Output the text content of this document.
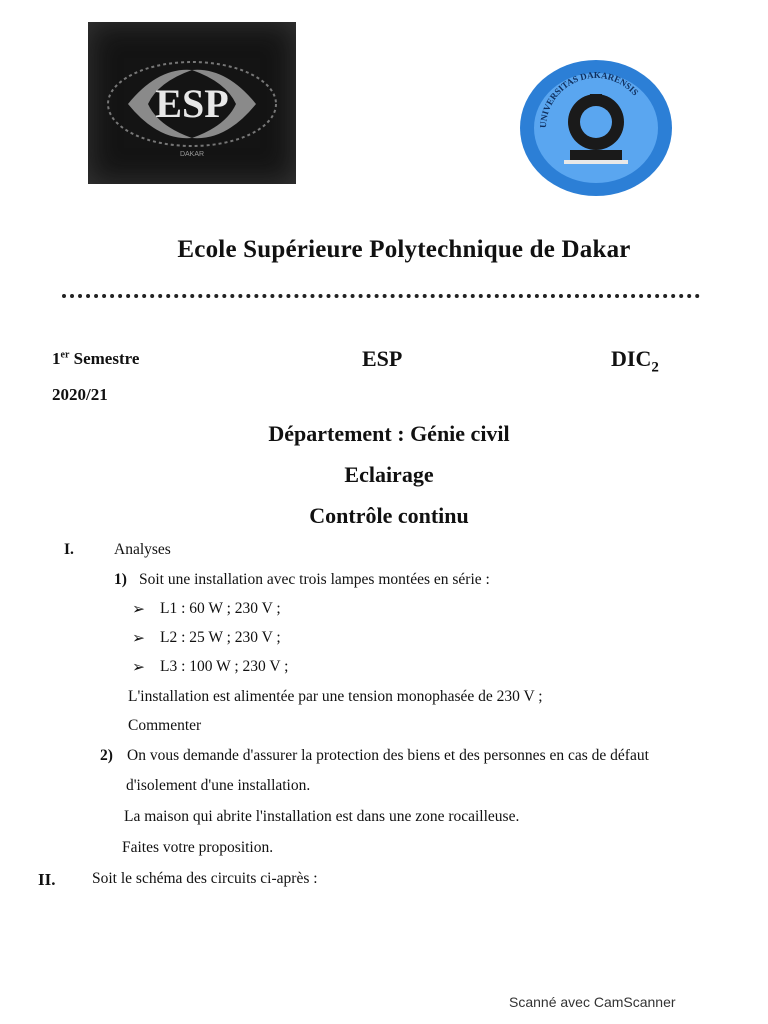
ESP
DAKAR
UNIVERSITAS DAKARENSIS
Ecole Supérieure Polytechnique de Dakar
1er Semestre	ESP	$DIC_2$
2020/21
Département : Génie civil
Eclairage
Contrôle continu
I.	Analyses
1) Soit une installation avec trois lampes montées en série :
➢ L1 : 60 W ; 230 V ;
➢ L2 : 25 W ; 230 V ;
➢ L3 : 100 W ; 230 V ;
L'installation est alimentée par une tension monophasée de 230 V ;
Commenter
2) On vous demande d'assurer la protection des biens et des personnes en cas de défaut
d'isolement d'une installation.
La maison qui abrite l'installation est dans une zone rocailleuse.
Faites votre proposition.
II. Soit le schéma des circuits ci-après :
Scanné avec CamScanner
